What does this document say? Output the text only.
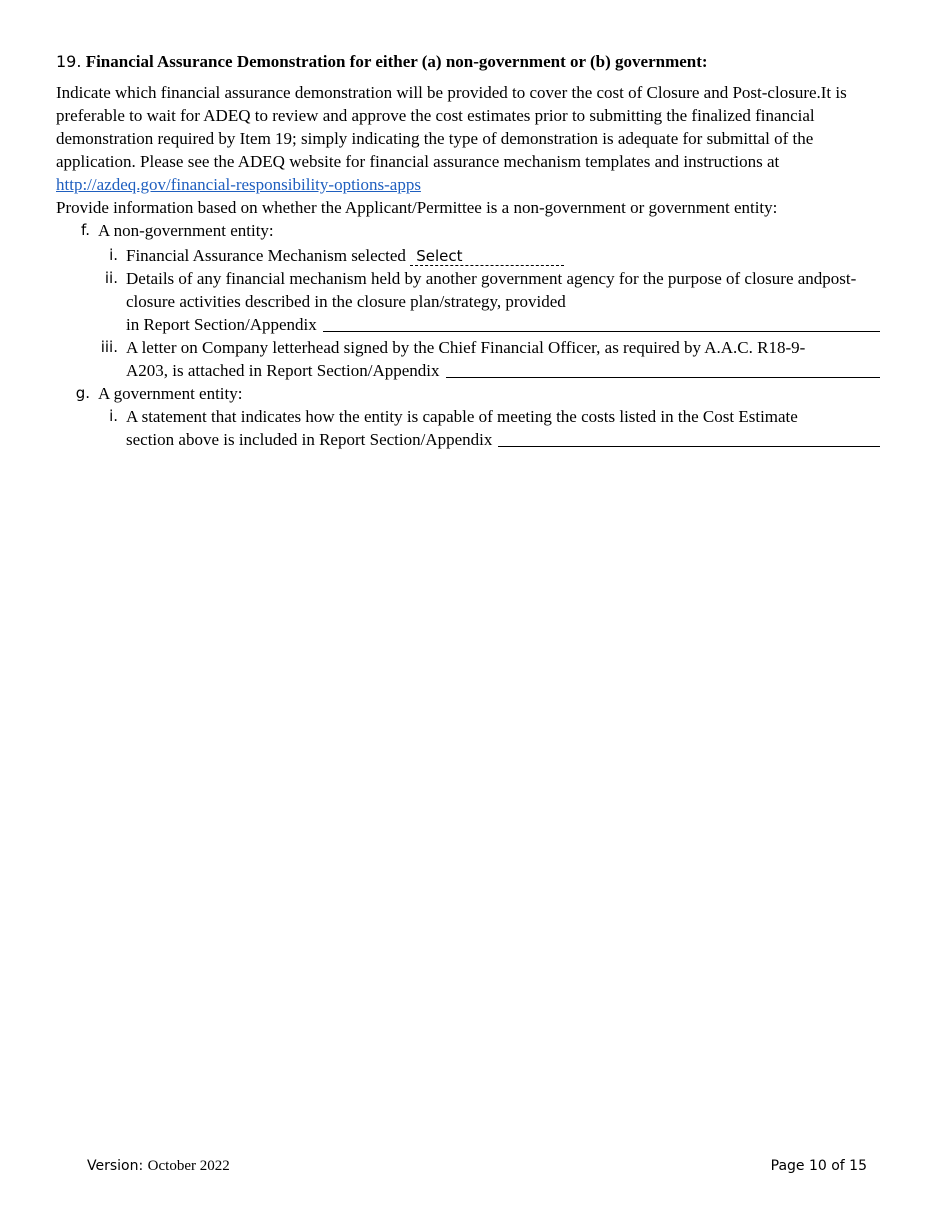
19. Financial Assurance Demonstration for either (a) non-government or (b) government:

Indicate which financial assurance demonstration will be provided to cover the cost of Closure and Post-closure.It is preferable to wait for ADEQ to review and approve the cost estimates prior to submitting the finalized financial demonstration required by Item 19; simply indicating the type of demonstration is adequate for submittal of the application. Please see the ADEQ website for financial assurance mechanism templates and instructions at http://azdeq.gov/financial-responsibility-options-apps

Provide information based on whether the Applicant/Permittee is a non-government or government entity:

f. A non-government entity:
i. Financial Assurance Mechanism selected Select
ii. Details of any financial mechanism held by another government agency for the purpose of closure andpost-closure activities described in the closure plan/strategy, provided
in Report Section/Appendix
iii. A letter on Company letterhead signed by the Chief Financial Officer, as required by A.A.C. R18-9-
A203, is attached in Report Section/Appendix
g. A government entity:
i. A statement that indicates how the entity is capable of meeting the costs listed in the Cost Estimate
section above is included in Report Section/Appendix
Version: October 2022	Page 10 of 15
